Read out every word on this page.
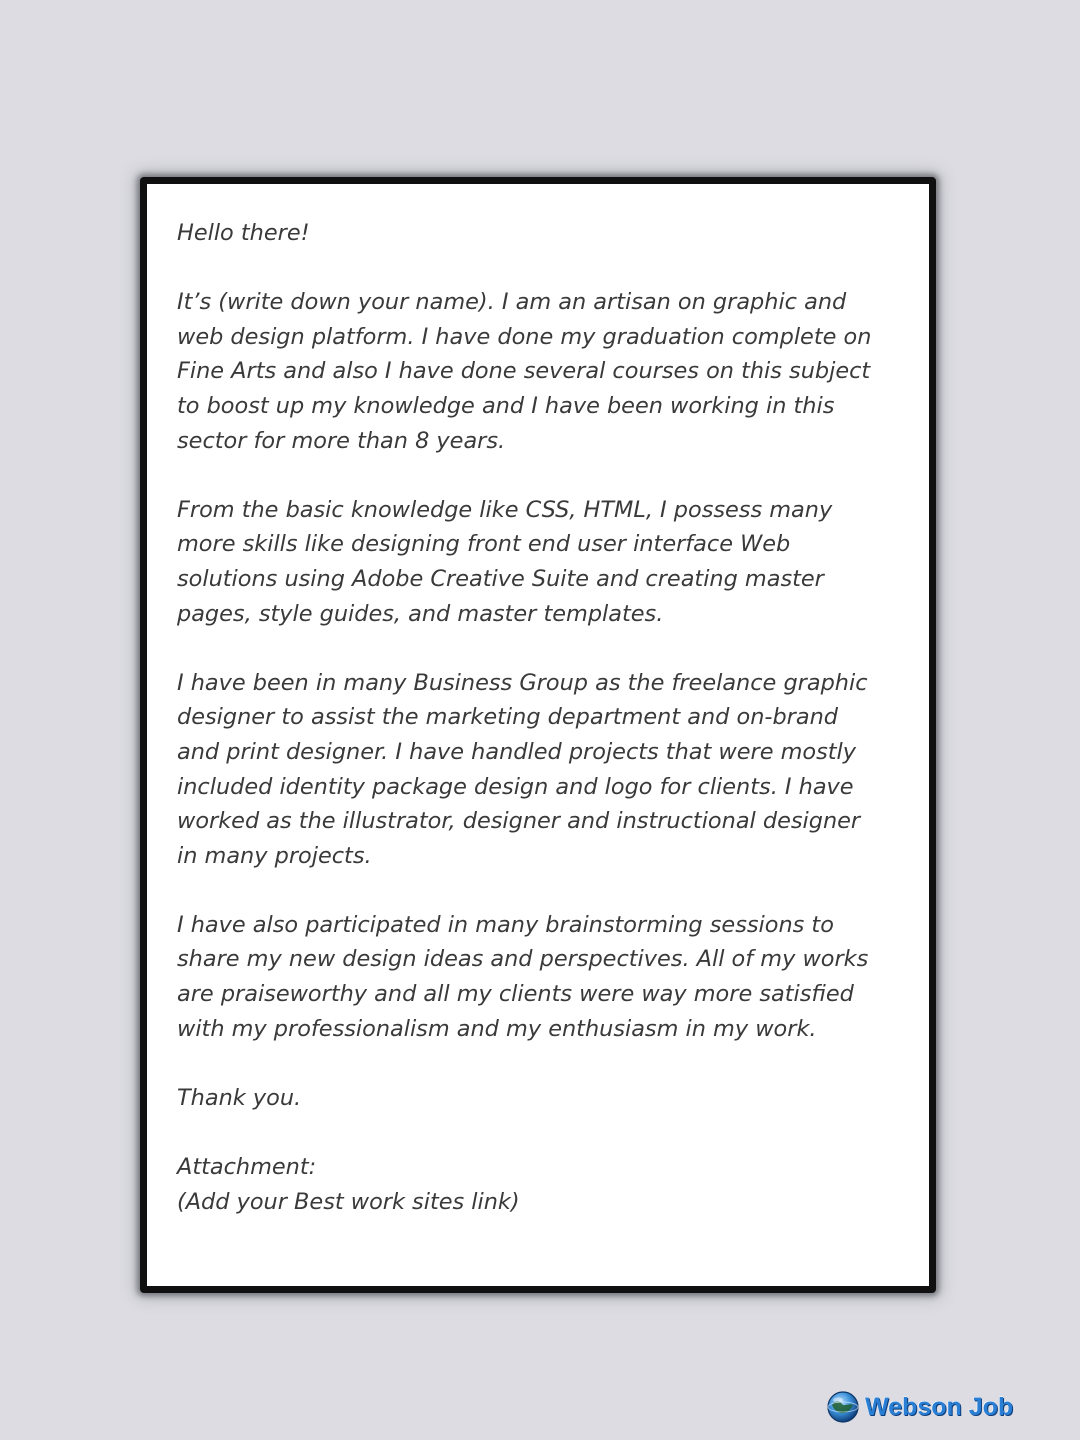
Hello there!

It’s (write down your name). I am an artisan on graphic and
web design platform. I have done my graduation complete on
Fine Arts and also I have done several courses on this subject
to boost up my knowledge and I have been working in this
sector for more than 8 years.

From the basic knowledge like CSS, HTML, I possess many
more skills like designing front end user interface Web
solutions using Adobe Creative Suite and creating master
pages, style guides, and master templates.

I have been in many Business Group as the freelance graphic
designer to assist the marketing department and on-brand
and print designer. I have handled projects that were mostly
included identity package design and logo for clients. I have
worked as the illustrator, designer and instructional designer
in many projects.

I have also participated in many brainstorming sessions to
share my new design ideas and perspectives. All of my works
are praiseworthy and all my clients were way more satisfied
with my professionalism and my enthusiasm in my work.

Thank you.

Attachment:
(Add your Best work sites link)

Webson Job
